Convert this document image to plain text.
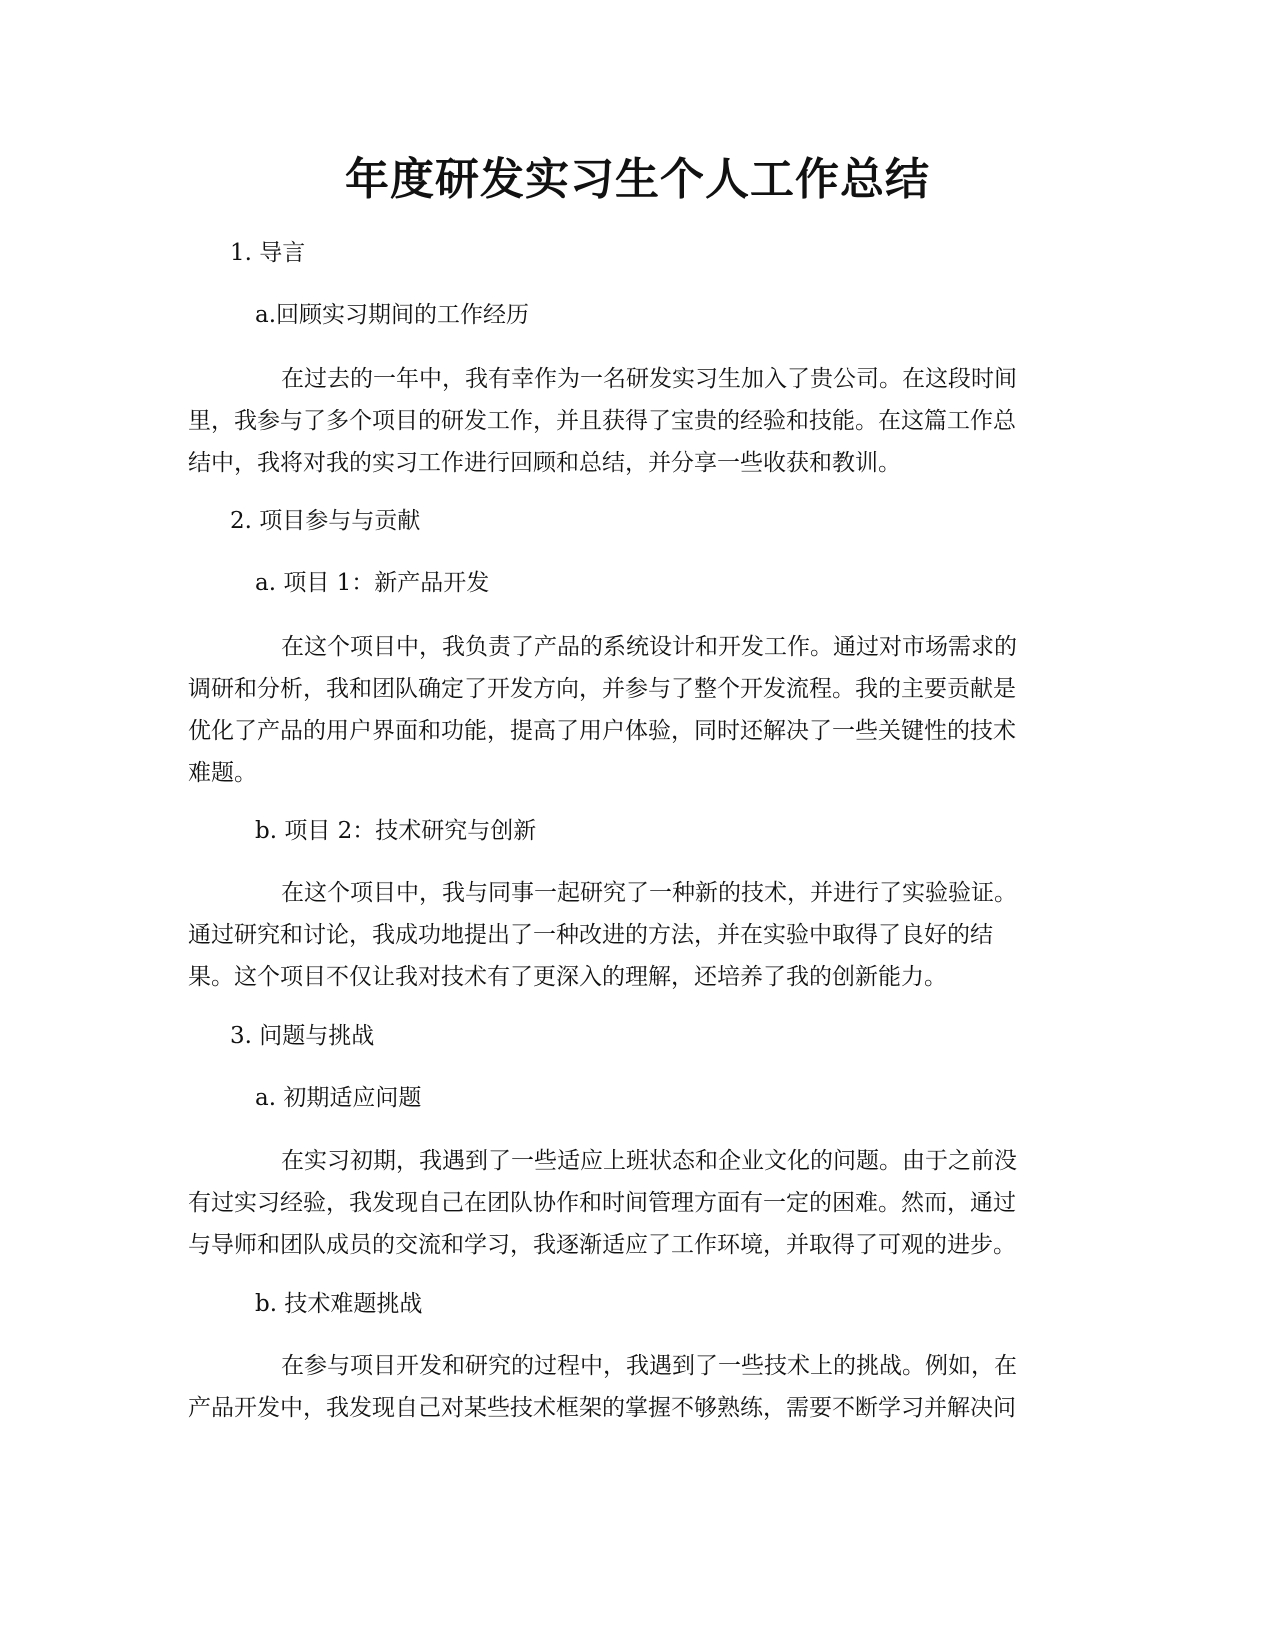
年度研发实习生个人工作总结

1. 导言

a.回顾实习期间的工作经历

在过去的一年中，我有幸作为一名研发实习生加入了贵公司。在这段时间
里，我参与了多个项目的研发工作，并且获得了宝贵的经验和技能。在这篇工作总
结中，我将对我的实习工作进行回顾和总结，并分享一些收获和教训。

2. 项目参与与贡献

a. 项目 1：新产品开发

在这个项目中，我负责了产品的系统设计和开发工作。通过对市场需求的
调研和分析，我和团队确定了开发方向，并参与了整个开发流程。我的主要贡献是
优化了产品的用户界面和功能，提高了用户体验，同时还解决了一些关键性的技术
难题。

b. 项目 2：技术研究与创新

在这个项目中，我与同事一起研究了一种新的技术，并进行了实验验证。
通过研究和讨论，我成功地提出了一种改进的方法，并在实验中取得了良好的结
果。这个项目不仅让我对技术有了更深入的理解，还培养了我的创新能力。

3. 问题与挑战

a. 初期适应问题

在实习初期，我遇到了一些适应上班状态和企业文化的问题。由于之前没
有过实习经验，我发现自己在团队协作和时间管理方面有一定的困难。然而，通过
与导师和团队成员的交流和学习，我逐渐适应了工作环境，并取得了可观的进步。

b. 技术难题挑战

在参与项目开发和研究的过程中，我遇到了一些技术上的挑战。例如，在
产品开发中，我发现自己对某些技术框架的掌握不够熟练，需要不断学习并解决问
